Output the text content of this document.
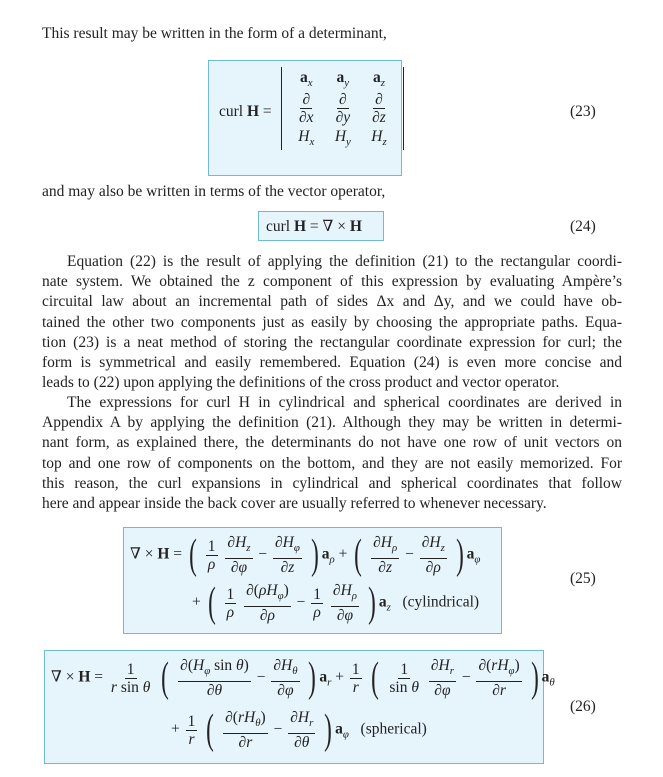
This result may be written in the form of a determinant,
curl H =
$a_x$	$a_y$	$a_z$

$\frac{\partial}{\partial x}$	$\frac{\partial}{\partial y}$	$\frac{\partial}{\partial z}$

$H_x$	$H_y$	$H_z$
(23)
and may also be written in terms of the vector operator,
curl H = ∇ × H	(24)
Equation (22) is the result of applying the definition (21) to the rectangular coordi-
nate system. We obtained the z component of this expression by evaluating Ampère’s
circuital law about an incremental path of sides Δx and Δy, and we could have ob-
tained the other two components just as easily by choosing the appropriate paths. Equa-
tion (23) is a neat method of storing the rectangular coordinate expression for curl; the
form is symmetrical and easily remembered. Equation (24) is even more concise and
leads to (22) upon applying the definitions of the cross product and vector operator.
The expressions for curl H in cylindrical and spherical coordinates are derived in
Appendix A by applying the definition (21). Although they may be written in determi-
nant form, as explained there, the determinants do not have one row of unit vectors on
top and one row of components on the bottom, and they are not easily memorized. For
this reason, the curl expansions in cylindrical and spherical coordinates that follow
here and appear inside the back cover are usually referred to whenever necessary.
∇ × H = ( $\frac{1}{\rho}$
$\frac{\partial H_z}{\partial\varphi} - \frac{\partial H_\varphi}{\partial z}$ ) $a_\rho$ + ( $\frac{\partial H_\rho}{\partial z} - \frac{\partial H_z}{\partial\rho}$ ) $a_\varphi$
+ ( $\frac{1}{\rho}$
$\frac{\partial(\rho H_\varphi)}{\partial\rho} - \frac{1}{\rho}$
$\frac{\partial H_\rho}{\partial\varphi}$ ) $a_z$ (cylindrical)
(25)
∇ × $H = \frac{1}{\text{r sin θ}}$ ( $\frac{\partial(H_\varphi \sin \theta)}{\partial\theta} - \frac{\partial H_\theta}{\partial\varphi}$ ) $a_r + \frac{1}{r}$ ( $\frac{1}{\text{sin θ}}$
$\frac{\partial H_r}{\partial\varphi} - \frac{\partial(rH_\varphi)}{\partial r}$ ) $a_\theta$
+ $\frac{1}{r}$ ( $\frac{\partial(rH_\theta)}{\partial r} - \frac{\partial H_r}{\partial\theta}$ ) $a_\varphi$ (spherical)
(26)
